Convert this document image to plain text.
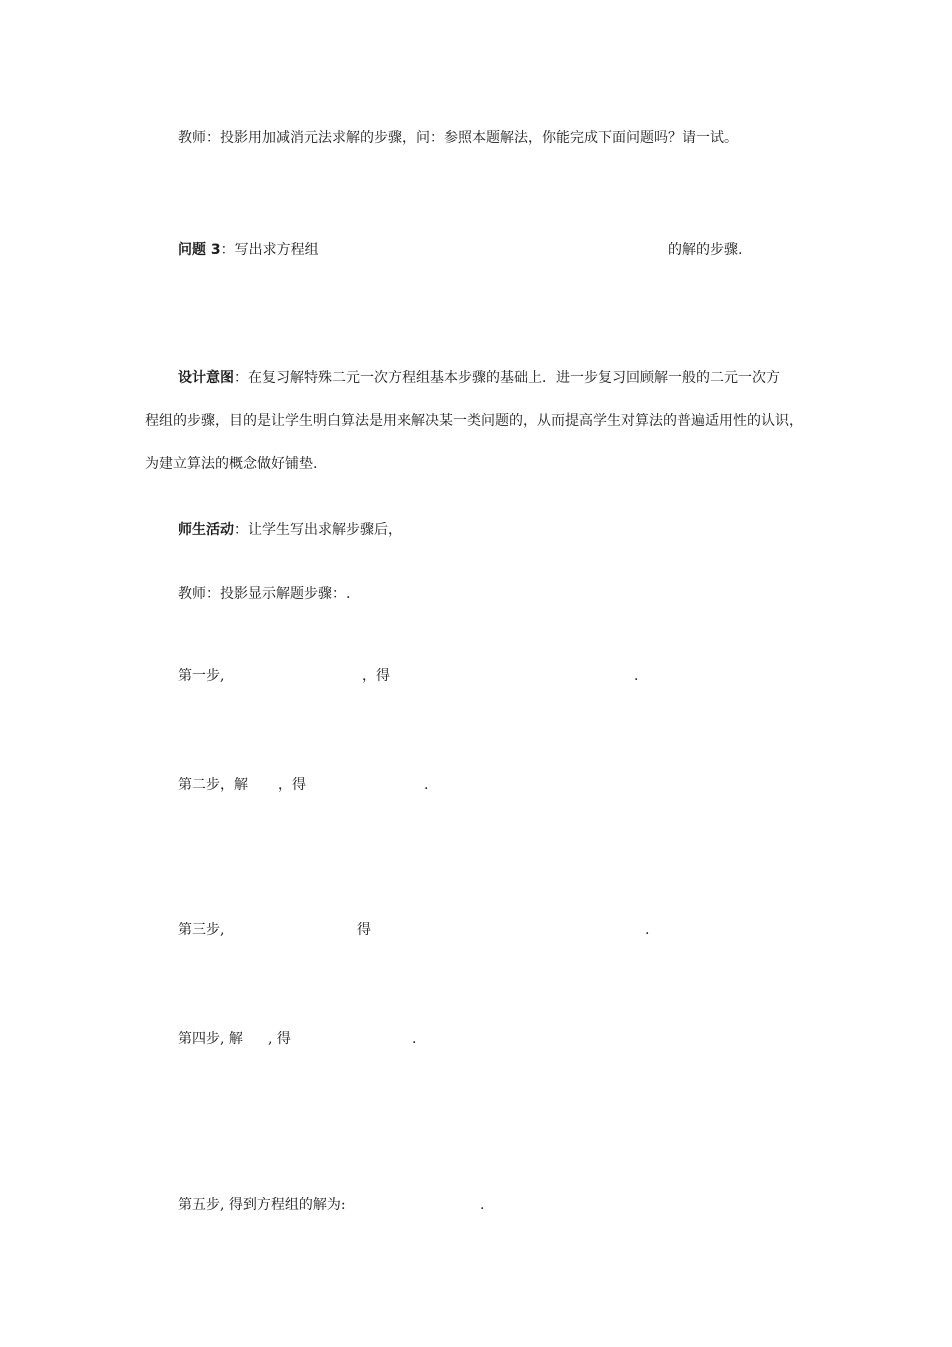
教师：投影用加减消元法求解的步骤，问：参照本题解法，你能完成下面问题吗？请一试。
问题 3：写出求方程组	的解的步骤.
设计意图：在复习解特殊二元一次方程组基本步骤的基础上．进一步复习回顾解一般的二元一次方
程组的步骤，目的是让学生明白算法是用来解决某一类问题的，从而提高学生对算法的普遍适用性的认识，
为建立算法的概念做好铺垫.
师生活动：让学生写出求解步骤后，
教师：投影显示解题步骤：.
第一步,	，得	.
第二步，解 ，得	.
第三步,	得	.
第四步, 解 , 得	.
第五步, 得到方程组的解为:	.
